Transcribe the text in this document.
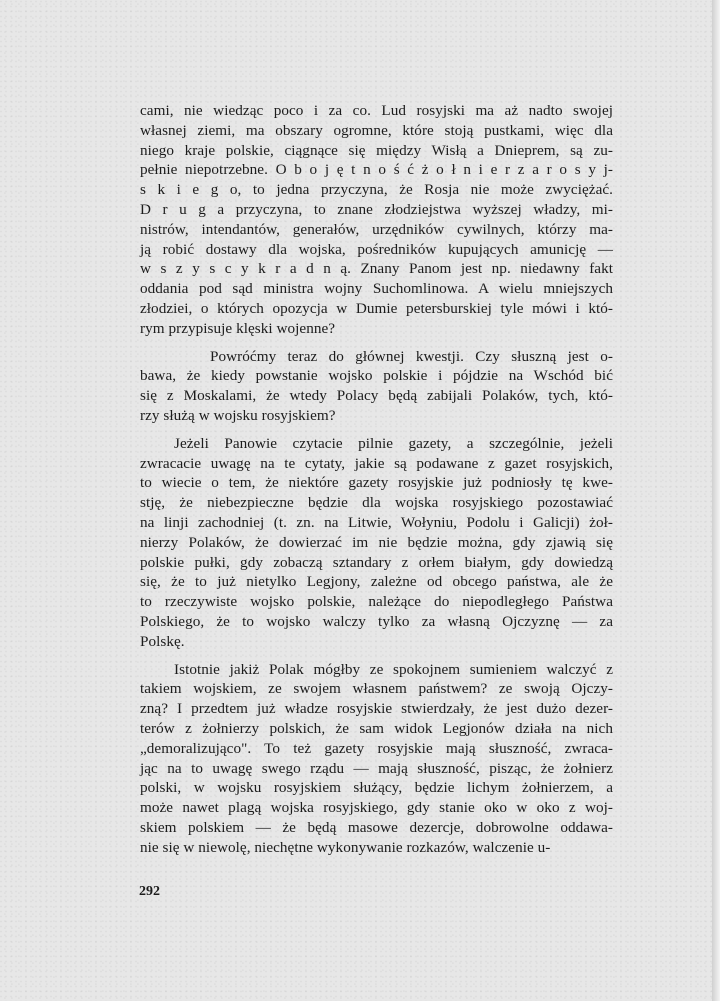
cami, nie wiedząc poco i za co. Lud rosyjski ma aż nadto swojej
własnej ziemi, ma obszary ogromne, które stoją pustkami, więc dla
niego kraje polskie, ciągnące się między Wisłą a Dnieprem, są zu-
pełnie niepotrzebne. O b o j ę t n o ś ć ż o ł n i e r z a r o s y j-
s k i e g o, to jedna przyczyna, że Rosja nie może zwyciężać.
D r u g a przyczyna, to znane złodziejstwa wyższej władzy, mi-
nistrów, intendantów, generałów, urzędników cywilnych, którzy ma-
ją robić dostawy dla wojska, pośredników kupujących amunicję —
w s z y s c y k r a d n ą. Znany Panom jest np. niedawny fakt
oddania pod sąd ministra wojny Suchomlinowa. A wielu mniejszych
złodziei, o których opozycja w Dumie petersburskiej tyle mówi i któ-
rym przypisuje klęski wojenne?
Powróćmy teraz do głównej kwestji. Czy słuszną jest o-
bawa, że kiedy powstanie wojsko polskie i pójdzie na Wschód bić
się z Moskalami, że wtedy Polacy będą zabijali Polaków, tych, któ-
rzy służą w wojsku rosyjskiem?
Jeżeli Panowie czytacie pilnie gazety, a szczególnie, jeżeli
zwracacie uwagę na te cytaty, jakie są podawane z gazet rosyjskich,
to wiecie o tem, że niektóre gazety rosyjskie już podniosły tę kwe-
stję, że niebezpieczne będzie dla wojska rosyjskiego pozostawiać
na linji zachodniej (t. zn. na Litwie, Wołyniu, Podolu i Galicji) żoł-
nierzy Polaków, że dowierzać im nie będzie można, gdy zjawią się
polskie pułki, gdy zobaczą sztandary z orłem białym, gdy dowiedzą
się, że to już nietylko Legjony, zależne od obcego państwa, ale że
to rzeczywiste wojsko polskie, należące do niepodległego Państwa
Polskiego, że to wojsko walczy tylko za własną Ojczyznę — za
Polskę.
Istotnie jakiż Polak mógłby ze spokojnem sumieniem walczyć z
takiem wojskiem, ze swojem własnem państwem? ze swoją Ojczy-
zną? I przedtem już władze rosyjskie stwierdzały, że jest dużo dezer-
terów z żołnierzy polskich, że sam widok Legjonów działa na nich
„demoralizująco". To też gazety rosyjskie mają słuszność, zwraca-
jąc na to uwagę swego rządu — mają słuszność, pisząc, że żołnierz
polski, w wojsku rosyjskiem służący, będzie lichym żołnierzem, a
może nawet plagą wojska rosyjskiego, gdy stanie oko w oko z woj-
skiem polskiem — że będą masowe dezercje, dobrowolne oddawa-
nie się w niewolę, niechętne wykonywanie rozkazów, walczenie u-
292
